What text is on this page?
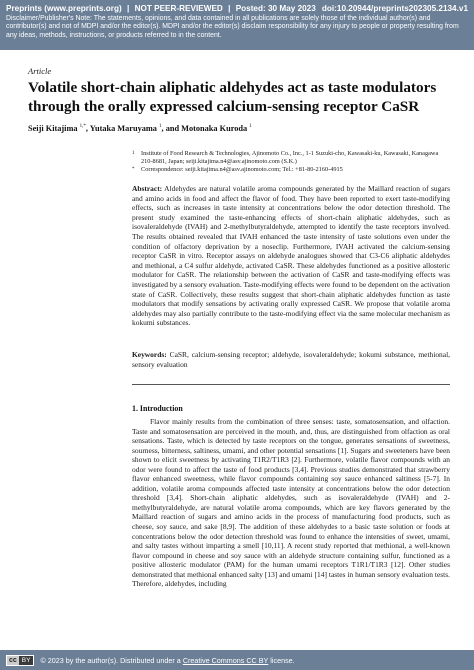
Preprints (www.preprints.org) | NOT PEER-REVIEWED | Posted: 30 May 2023 doi:10.20944/preprints202305.2134.v1
Disclaimer/Publisher's Note: The statements, opinions, and data contained in all publications are solely those of the individual author(s) and contributor(s) and not of MDPI and/or the editor(s). MDPI and/or the editor(s) disclaim responsibility for any injury to people or property resulting from any ideas, methods, instructions, or products referred to in the content.
Article
Volatile short-chain aliphatic aldehydes act as taste modulators through the orally expressed calcium-sensing receptor CaSR
Seiji Kitajima $^{1,*}$, Yutaka Maruyama $^1$, and Motonaka Kuroda $^1$
1	Institute of Food Research & Technologies, Ajinomoto Co., Inc., 1-1 Suzuki-cho, Kawasaki-ku, Kawasaki, Kanagawa 210-8681, Japan; seiji.kitajima.n4@asv.ajinomoto.com (S.K.)
*	Correspondence: seiji.kitajima.n4@asv.ajinomoto.com; Tel.: +81-80-2160-4915
Abstract: Aldehydes are natural volatile aroma compounds generated by the Maillard reaction of sugars and amino acids in food and affect the flavor of food. They have been reported to exert taste-modifying effects, such as increases in taste intensity at concentrations below the odor detection threshold. The present study examined the taste-enhancing effects of short-chain aliphatic aldehydes, such as isovaleraldehyde (IVAH) and 2-methylbutyraldehyde, attempted to identify the taste receptors involved. The results obtained revealed that IVAH enhanced the taste intensity of taste solutions even under the condition of olfactory deprivation by a noseclip. Furthermore, IVAH activated the calcium-sensing receptor CaSR in vitro. Receptor assays on aldehyde analogues showed that C3-C6 aliphatic aldehydes and methional, a C4 sulfur aldehyde, activated CaSR. These aldehydes functioned as a positive allosteric modulator for CaSR. The relationship between the activation of CaSR and taste-modifying effects was investigated by a sensory evaluation. Taste-modifying effects were found to be dependent on the activation state of CaSR. Collectively, these results suggest that short-chain aliphatic aldehydes function as taste modulators that modify sensations by activating orally expressed CaSR. We propose that volatile aroma aldehydes may also partially contribute to the taste-modifying effect via the same molecular mechanism as kokumi substances.
Keywords: CaSR, calcium-sensing receptor; aldehyde, isovaleraldehyde; kokumi substance, methional, sensory evaluation
1. Introduction
Flavor mainly results from the combination of three senses: taste, somatosensation, and olfaction. Taste and somatosensation are perceived in the mouth, and, thus, are distinguished from olfaction as oral sensations. Taste, which is detected by taste receptors on the tongue, generates sensations of sweetness, sourness, bitterness, saltiness, umami, and other potential sensations [1]. Sugars and sweeteners have been shown to elicit sweetness by activating T1R2/T1R3 [2]. Furthermore, volatile flavor compounds with an odor were found to affect the taste of food products [3,4]. Previous studies demonstrated that strawberry flavor enhanced sweetness, while flavor compounds containing soy sauce enhanced saltiness [5-7]. In addition, volatile aroma compounds affected taste intensity at concentrations below the odor detection threshold [3,4]. Short-chain aliphatic aldehydes, such as isovaleraldehyde (IVAH) and 2-methylbutyraldehyde, are natural volatile aroma compounds, which are key flavors generated by the Maillard reaction of sugars and amino acids in the process of manufacturing food products, such as cheese, soy sauce, and sake [8,9]. The addition of these aldehydes to a basic taste solution or foods at concentrations below the odor detection threshold was found to enhance the intensities of sweet, umami, and salty tastes without imparting a smell [10,11]. A recent study reported that methional, a well-known flavor compound in cheese and soy sauce with an aldehyde structure containing sulfur, functioned as a positive allosteric modulator (PAM) for the human umami receptors T1R1/T1R3 [12]. Other studies demonstrated that methional enhanced salty [13] and umami [14] tastes in human sensory evaluation tests. Therefore, aldehydes, including
cc BY	© 2023 by the author(s). Distributed under a
Creative Commons CC BY
license.
